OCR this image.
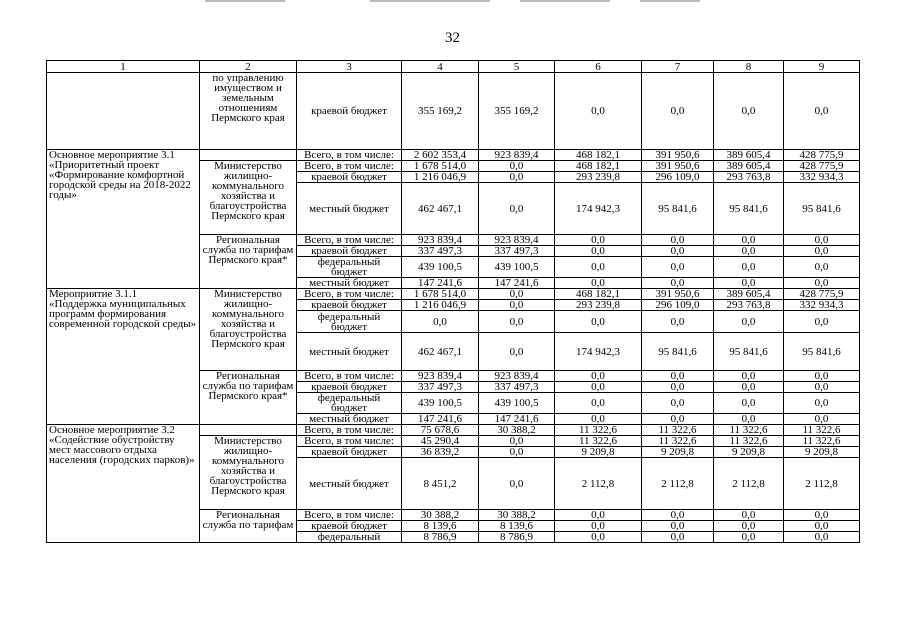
32
1	2	3	4	5	6	7	8	9
	по управлению имуществом и земельным отношениям Пермского края	краевой бюджет	355 169,2	355 169,2	0,0	0,0	0,0	0,0
Основное мероприятие 3.1 «Приоритетный проект «Формирование комфортной городской среды на 2018-2022 годы»		Всего, в том числе:	2 602 353,4	923 839,4	468 182,1	391 950,6	389 605,4	428 775,9
	Министерство жилищно-коммунального хозяйства и благоустройства Пермского края	Всего, в том числе:	1 678 514,0	0,0	468 182,1	391 950,6	389 605,4	428 775,9
		краевой бюджет	1 216 046,9	0,0	293 239,8	296 109,0	293 763,8	332 934,3
		местный бюджет	462 467,1	0,0	174 942,3	95 841,6	95 841,6	95 841,6
	Региональная служба по тарифам Пермского края*	Всего, в том числе:	923 839,4	923 839,4	0,0	0,0	0,0	0,0
		краевой бюджет	337 497,3	337 497,3	0,0	0,0	0,0	0,0
		федеральный бюджет	439 100,5	439 100,5	0,0	0,0	0,0	0,0
		местный бюджет	147 241,6	147 241,6	0,0	0,0	0,0	0,0
Мероприятие 3.1.1 «Поддержка муниципальных программ формирования современной городской среды»	Министерство жилищно-коммунального хозяйства и благоустройства Пермского края	Всего, в том числе:	1 678 514,0	0,0	468 182,1	391 950,6	389 605,4	428 775,9
		краевой бюджет	1 216 046,9	0,0	293 239,8	296 109,0	293 763,8	332 934,3
		федеральный бюджет	0,0	0,0	0,0	0,0	0,0	0,0
		местный бюджет	462 467,1	0,0	174 942,3	95 841,6	95 841,6	95 841,6
	Региональная служба по тарифам Пермского края*	Всего, в том числе:	923 839,4	923 839,4	0,0	0,0	0,0	0,0
		краевой бюджет	337 497,3	337 497,3	0,0	0,0	0,0	0,0
		федеральный бюджет	439 100,5	439 100,5	0,0	0,0	0,0	0,0
		местный бюджет	147 241,6	147 241,6	0,0	0,0	0,0	0,0
Основное мероприятие 3.2 «Содействие обустройству мест массового отдыха населения (городских парков)»		Всего, в том числе:	75 678,6	30 388,2	11 322,6	11 322,6	11 322,6	11 322,6
	Министерство жилищно-коммунального хозяйства и благоустройства Пермского края	Всего, в том числе:	45 290,4	0,0	11 322,6	11 322,6	11 322,6	11 322,6
		краевой бюджет	36 839,2	0,0	9 209,8	9 209,8	9 209,8	9 209,8
		местный бюджет	8 451,2	0,0	2 112,8	2 112,8	2 112,8	2 112,8
	Региональная служба по тарифам	Всего, в том числе:	30 388,2	30 388,2	0,0	0,0	0,0	0,0
		краевой бюджет	8 139,6	8 139,6	0,0	0,0	0,0	0,0
		федеральный	8 786,9	8 786,9	0,0	0,0	0,0	0,0
